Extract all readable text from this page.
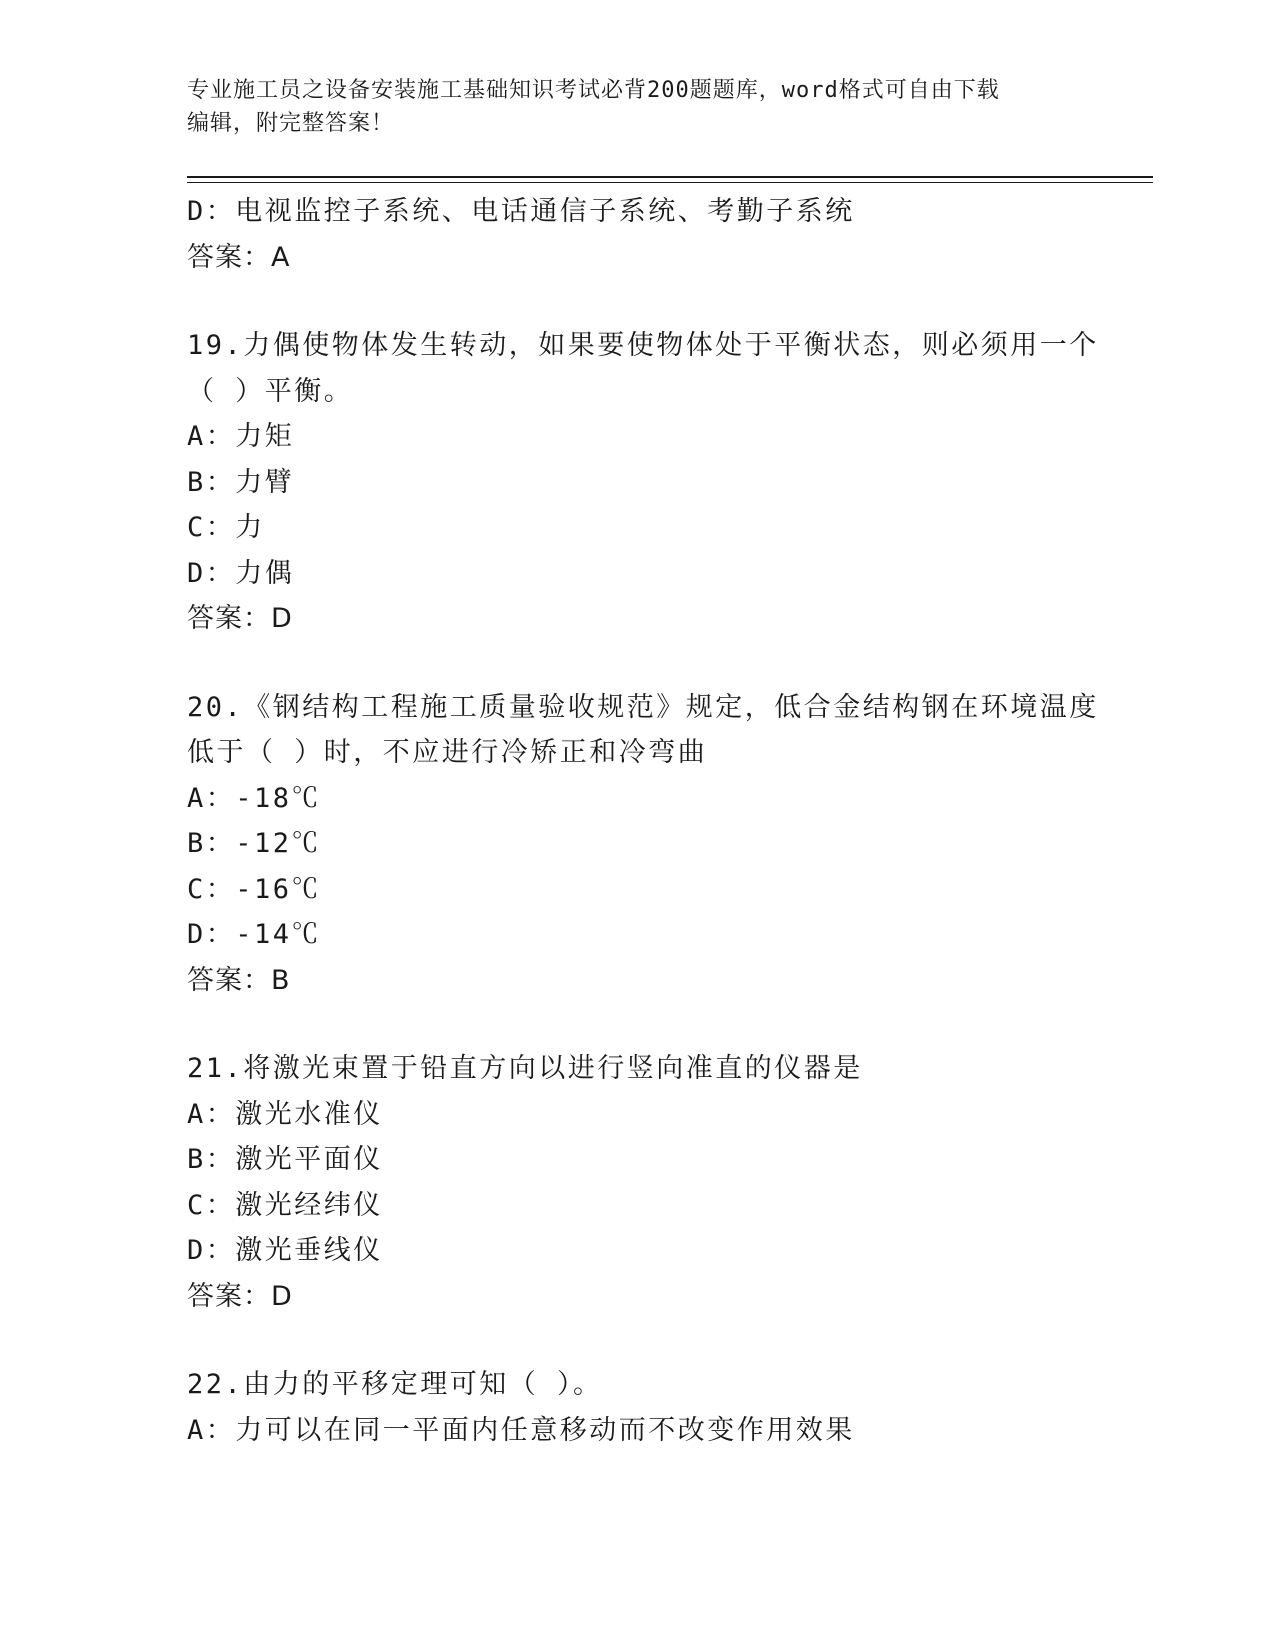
专业施工员之设备安装施工基础知识考试必背200题题库，word格式可自由下载
编辑，附完整答案！
D：电视监控子系统、电话通信子系统、考勤子系统
答案：A
19.力偶使物体发生转动，如果要使物体处于平衡状态，则必须用一个
（ ）平衡。
A：力矩
B：力臂
C：力
D：力偶
答案：D
20.《钢结构工程施工质量验收规范》规定，低合金结构钢在环境温度
低于（ ）时，不应进行冷矫正和冷弯曲
A：-18℃
B：-12℃
C：-16℃
D：-14℃
答案：B
21.将激光束置于铅直方向以进行竖向准直的仪器是
A：激光水准仪
B：激光平面仪
C：激光经纬仪
D：激光垂线仪
答案：D
22.由力的平移定理可知（ ）。
A：力可以在同一平面内任意移动而不改变作用效果
